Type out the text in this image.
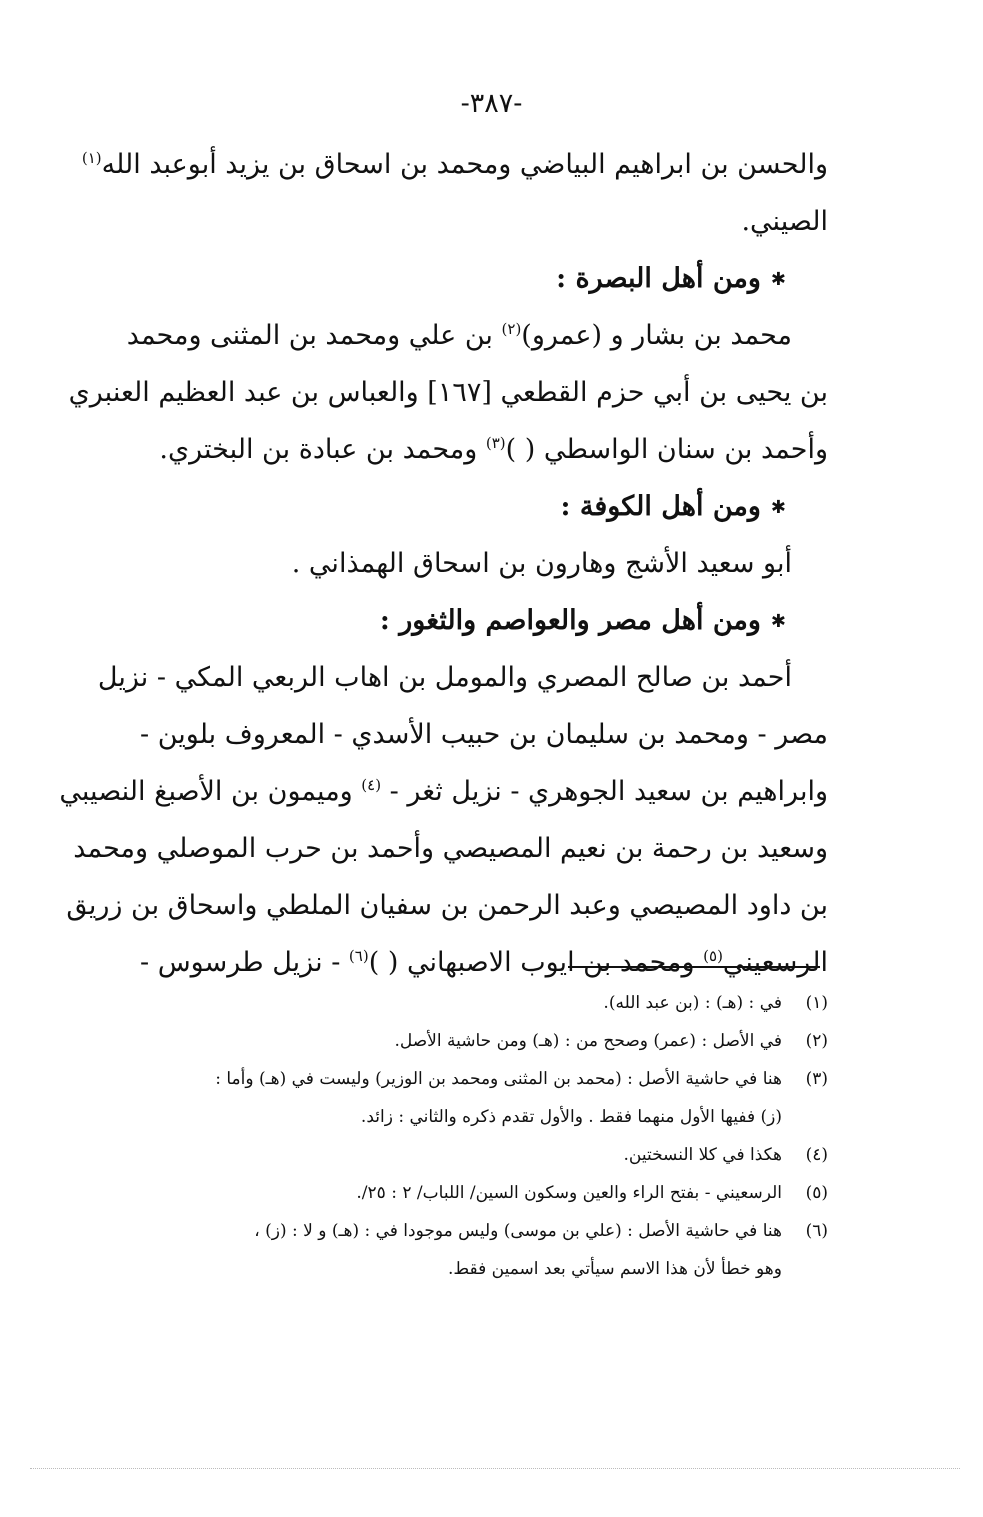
-٣٨٧-
والحسن بن ابراهيم البياضي ومحمد بن اسحاق بن يزيد أبوعبد الله$^{(١)}$
الصيني.
✱ومن أهل البصرة :
محمد بن بشار و (عمرو)$^{(٢)}$ بن علي ومحمد بن المثنى ومحمد
بن يحيى بن أبي حزم القطعي [١٦٧] والعباس بن عبد العظيم العنبري
وأحمد بن سنان الواسطي ( )$^{(٣)}$ ومحمد بن عبادة بن البختري.
✱ومن أهل الكوفة :
أبو سعيد الأشج وهارون بن اسحاق الهمذاني .
✱ومن أهل مصر والعواصم والثغور :
أحمد بن صالح المصري والمومل بن اهاب الربعي المكي - نزيل
مصر - ومحمد بن سليمان بن حبيب الأسدي - المعروف بلوين -
وابراهيم بن سعيد الجوهري - نزيل ثغر - $^{(٤)}$ وميمون بن الأصبغ النصيبي
وسعيد بن رحمة بن نعيم المصيصي وأحمد بن حرب الموصلي ومحمد
بن داود المصيصي وعبد الرحمن بن سفيان الملطي واسحاق بن زريق
الرسعيني$^{(٥)}$ ومحمد بن ايوب الاصبهاني ( )$^{(٦)}$ - نزيل طرسوس -
(١)
في : (هـ) : (بن عبد الله).
(٢)
في الأصل : (عمر) وصحح من : (هـ) ومن حاشية الأصل.
(٣)
هنا في حاشية الأصل : (محمد بن المثنى ومحمد بن الوزير) وليست في (هـ) وأما :
(ز) ففيها الأول منهما فقط . والأول تقدم ذكره والثاني : زائد.
(٤)
هكذا في كلا النسختين.
(٥)
الرسعيني - بفتح الراء والعين وسكون السين/ اللباب/ ٢ : ٢٥/.
(٦)
هنا في حاشية الأصل : (علي بن موسى) وليس موجودا في : (هـ) و لا : (ز) ،
وهو خطأ لأن هذا الاسم سيأتي بعد اسمين فقط.
